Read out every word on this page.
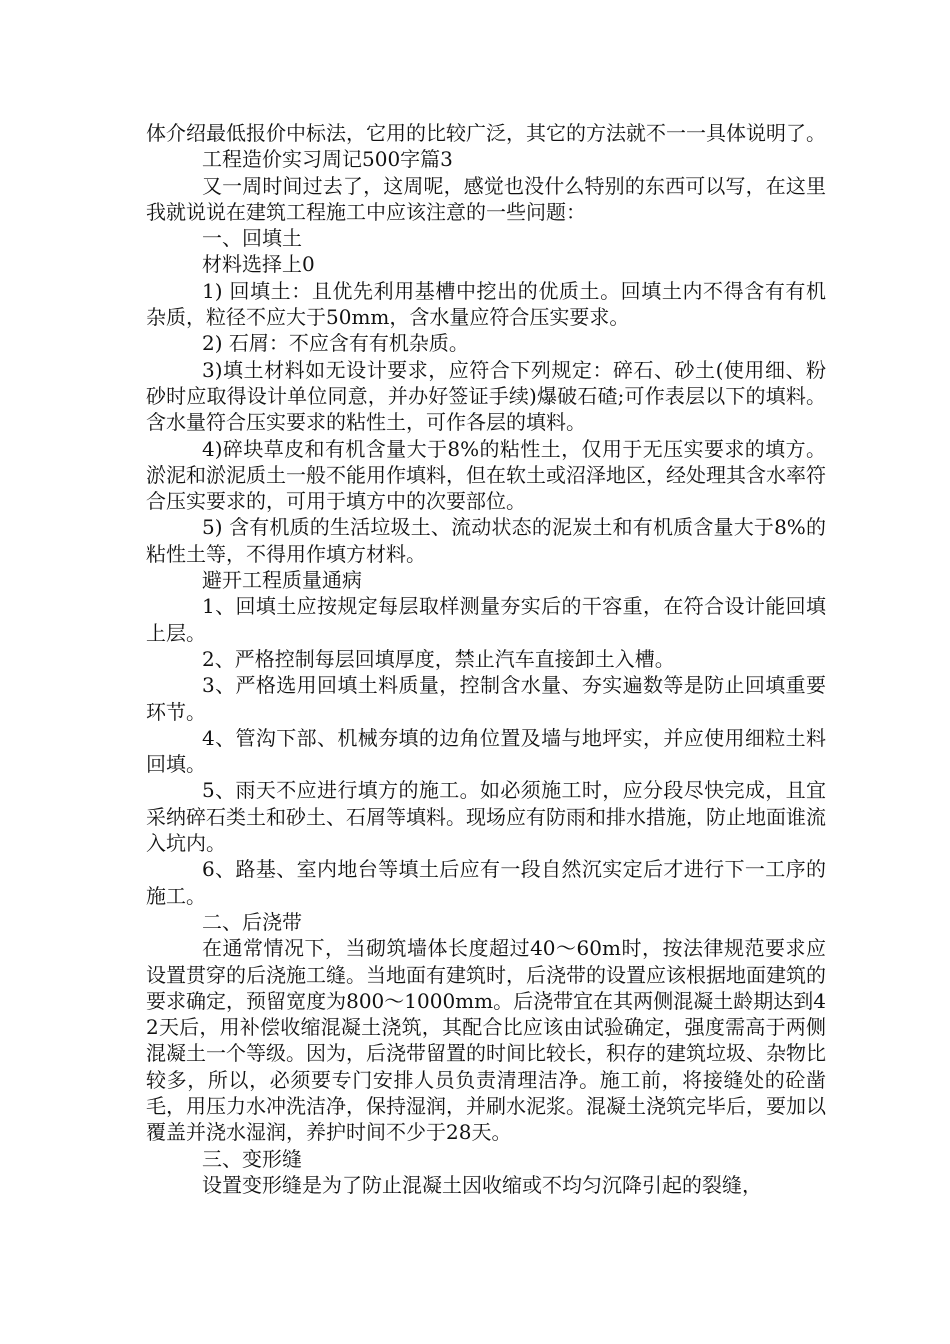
体介绍最低报价中标法，它用的比较广泛，其它的方法就不一一具体说明了。

工程造价实习周记500字篇3

又一周时间过去了，这周呢，感觉也没什么特别的东西可以写，在这里我就说说在建筑工程施工中应该注意的一些问题：

一、回填土

材料选择上0

1) 回填土：且优先利用基槽中挖出的优质土。回填土内不得含有有机杂质，粒径不应大于50mm，含水量应符合压实要求。

2) 石屑：不应含有有机杂质。

3)填土材料如无设计要求，应符合下列规定：碎石、砂土(使用细、粉砂时应取得设计单位同意，并办好签证手续)爆破石碴;可作表层以下的填料。含水量符合压实要求的粘性土，可作各层的填料。

4)碎块草皮和有机含量大于8%的粘性土，仅用于无压实要求的填方。淤泥和淤泥质土一般不能用作填料，但在软土或沼泽地区，经处理其含水率符合压实要求的，可用于填方中的次要部位。

5) 含有机质的生活垃圾土、流动状态的泥炭土和有机质含量大于8%的粘性土等，不得用作填方材料。

避开工程质量通病

1、回填土应按规定每层取样测量夯实后的干容重，在符合设计能回填上层。

2、严格控制每层回填厚度，禁止汽车直接卸土入槽。

3、严格选用回填土料质量，控制含水量、夯实遍数等是防止回填重要环节。

4、管沟下部、机械夯填的边角位置及墙与地坪实，并应使用细粒土料回填。

5、雨天不应进行填方的施工。如必须施工时，应分段尽快完成，且宜采纳碎石类土和砂土、石屑等填料。现场应有防雨和排水措施，防止地面谁流入坑内。

6、路基、室内地台等填土后应有一段自然沉实定后才进行下一工序的施工。

二、后浇带

在通常情况下，当砌筑墙体长度超过40～60m时，按法律规范要求应设置贯穿的后浇施工缝。当地面有建筑时，后浇带的设置应该根据地面建筑的要求确定，预留宽度为800～1000mm。后浇带宜在其两侧混凝土龄期达到42天后，用补偿收缩混凝土浇筑，其配合比应该由试验确定，强度需高于两侧混凝土一个等级。因为，后浇带留置的时间比较长，积存的建筑垃圾、杂物比较多，所以，必须要专门安排人员负责清理洁净。施工前，将接缝处的砼凿毛，用压力水冲洗洁净，保持湿润，并刷水泥浆。混凝土浇筑完毕后，要加以覆盖并浇水湿润，养护时间不少于28天。

三、变形缝

设置变形缝是为了防止混凝土因收缩或不均匀沉降引起的裂缝，
